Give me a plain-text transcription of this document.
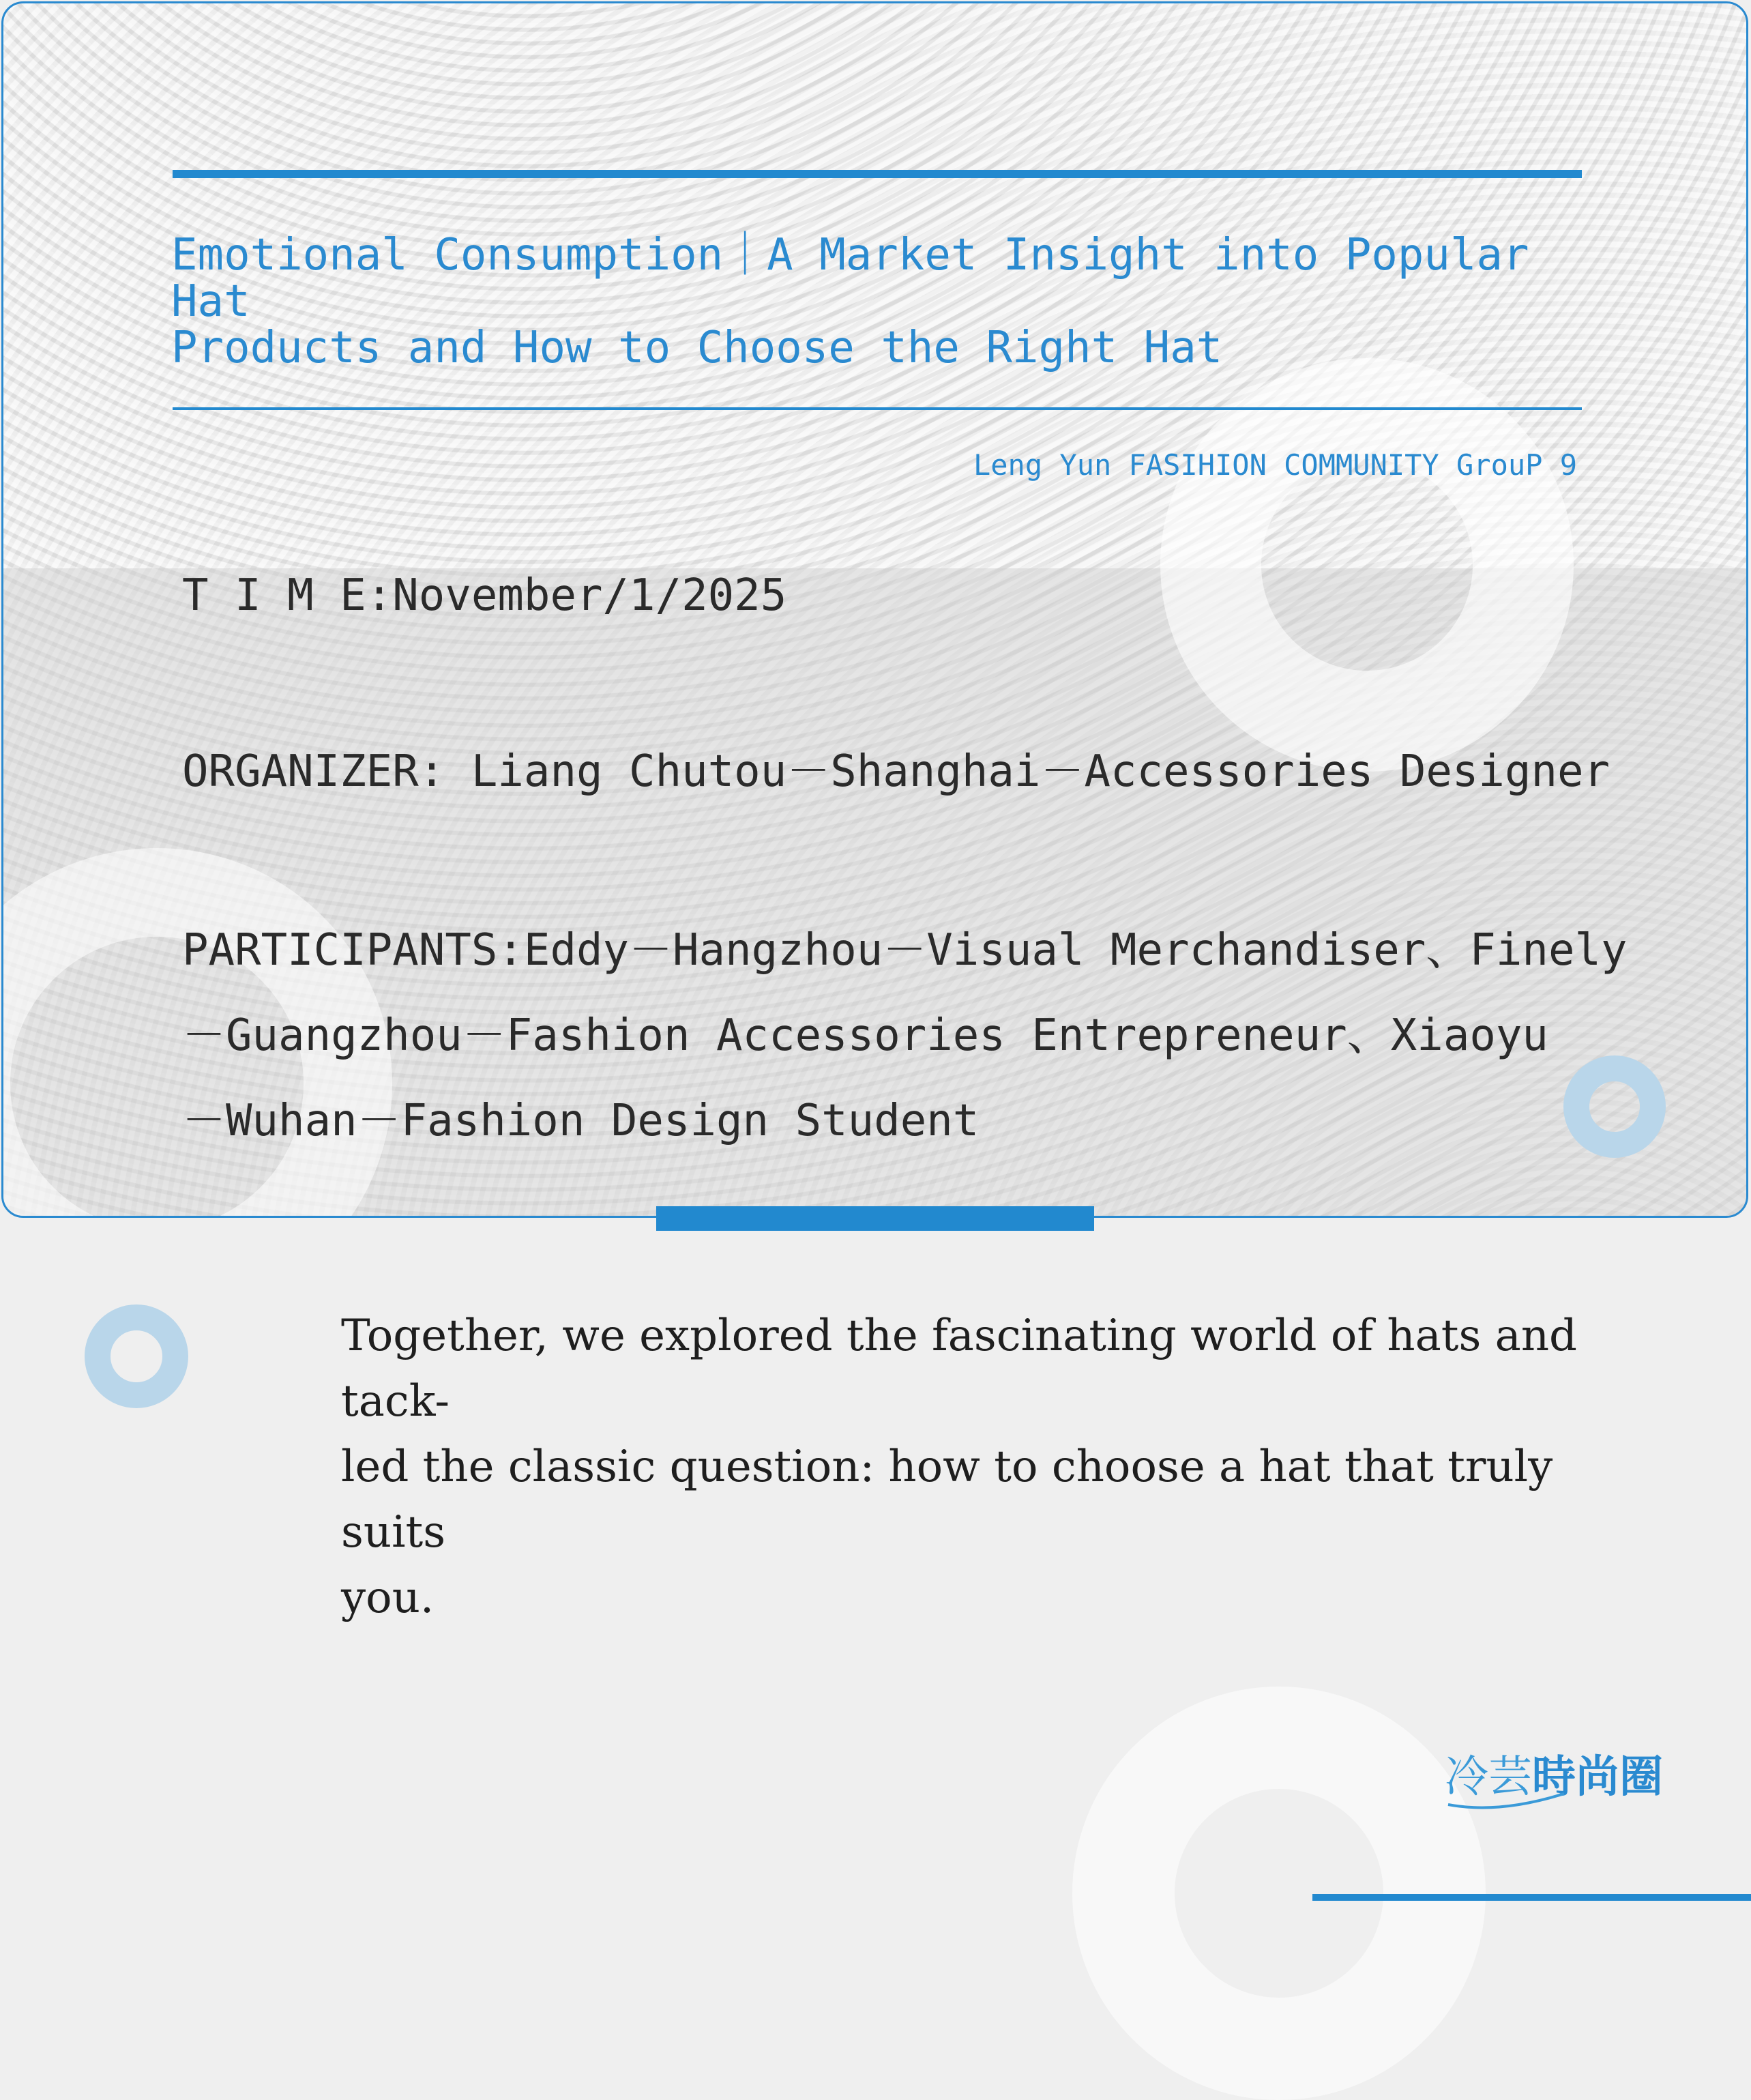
Emotional Consumption｜A Market Insight into Popular Hat
Products and How to Choose the Right Hat
Leng Yun FASIHION COMMUNITY GrouP 9
T I M E:November/1/2025
ORGANIZER: Liang Chutou－Shanghai－Accessories Designer
PARTICIPANTS:Eddy－Hangzhou－Visual Merchandiser、Finely
－Guangzhou－Fashion Accessories Entrepreneur、Xiaoyu
－Wuhan－Fashion Design Student
Together, we explored the fascinating world of hats and tack-
led the classic question: how to choose a hat that truly suits
you.
冷芸時尚圈
